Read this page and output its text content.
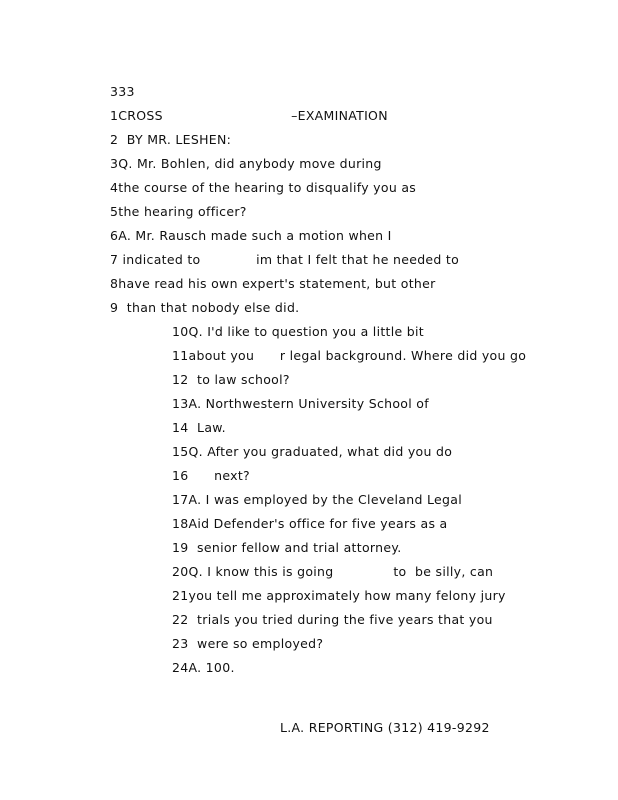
333
1CROSS                              –EXAMINATION
2  BY MR. LESHEN:
3Q. Mr. Bohlen, did anybody move during
4the course of the hearing to disqualify you as
5the hearing officer?
6A. Mr. Rausch made such a motion when I
7 indicated to             im that I felt that he needed to
8have read his own expert's statement, but other
9  than that nobody else did.
10Q. I'd like to question you a little bit
11about you      r legal background. Where did you go
12  to law school?
13A. Northwestern University School of
14  Law.
15Q. After you graduated, what did you do
16      next?
17A. I was employed by the Cleveland Legal
18Aid Defender's office for five years as a
19  senior fellow and trial attorney.
20Q. I know this is going              to  be silly, can
21you tell me approximately how many felony jury
22  trials you tried during the five years that you
23  were so employed?
24A. 100.
L.A. REPORTING (312) 419-9292
